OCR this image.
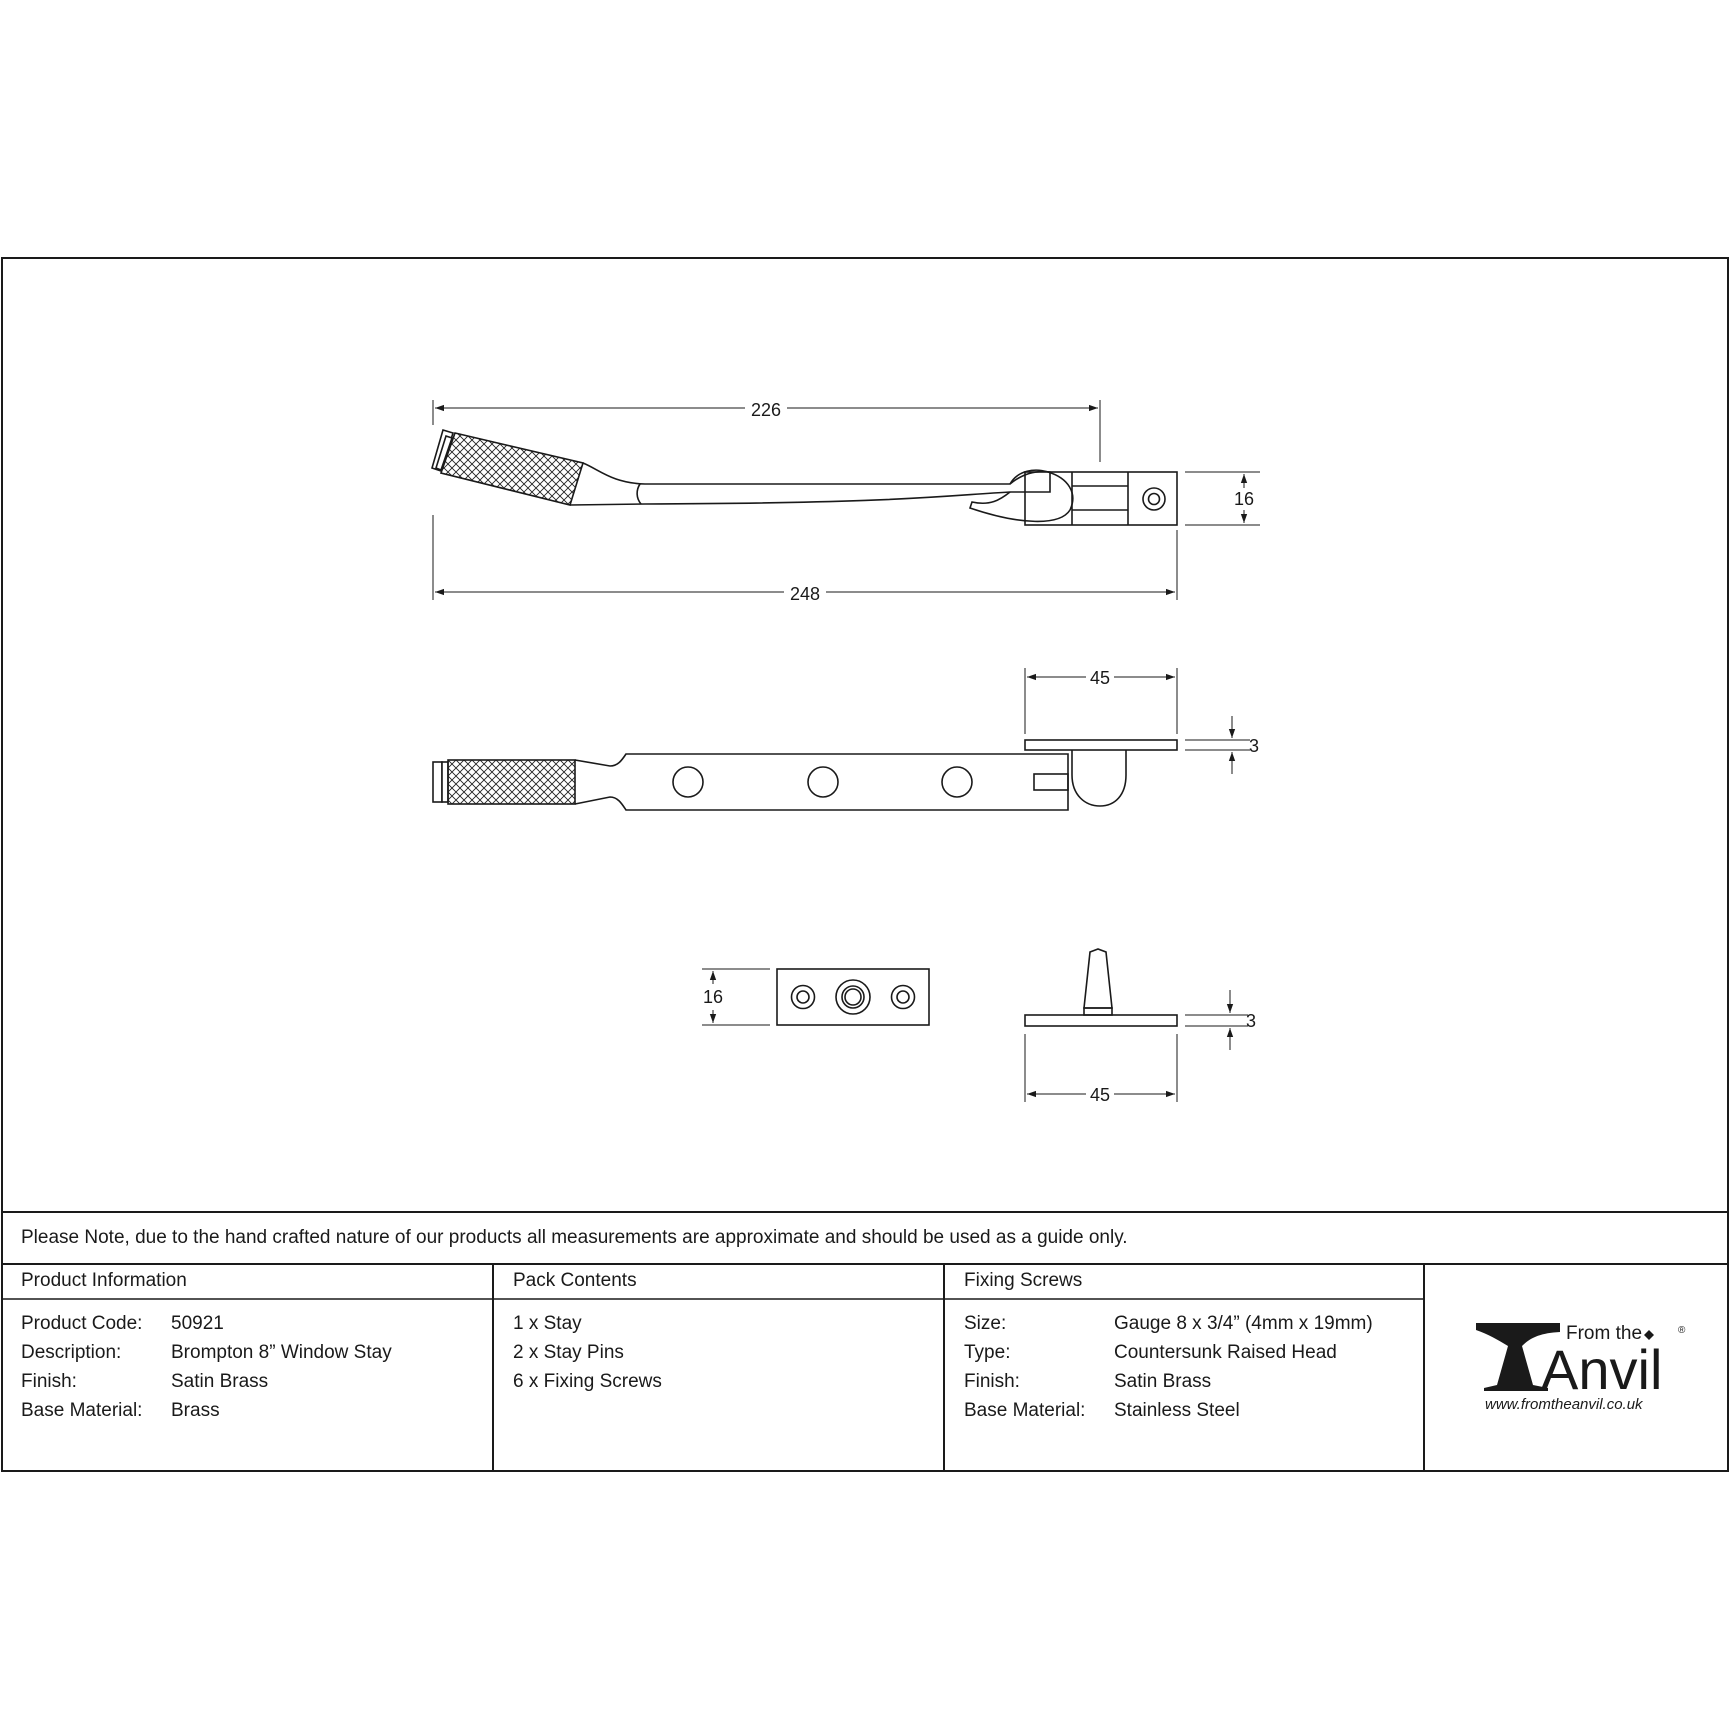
226
248
16
45
3
16
3
45
From the
Anvil
®
www.fromtheanvil.co.uk
Please Note, due to the hand crafted nature of our products all measurements are approximate and should be used as a guide only.
Product Information
Product Code: 50921
Description:	Brompton 8” Window Stay
Finish:	Satin Brass
Base Material: Brass
Pack Contents
1 x Stay
2 x Stay Pins
6 x Fixing Screws
Fixing Screws
Size:	Gauge 8 x 3/4” (4mm x 19mm)
Type:	Countersunk Raised Head
Finish:	Satin Brass
Base Material: Stainless Steel
